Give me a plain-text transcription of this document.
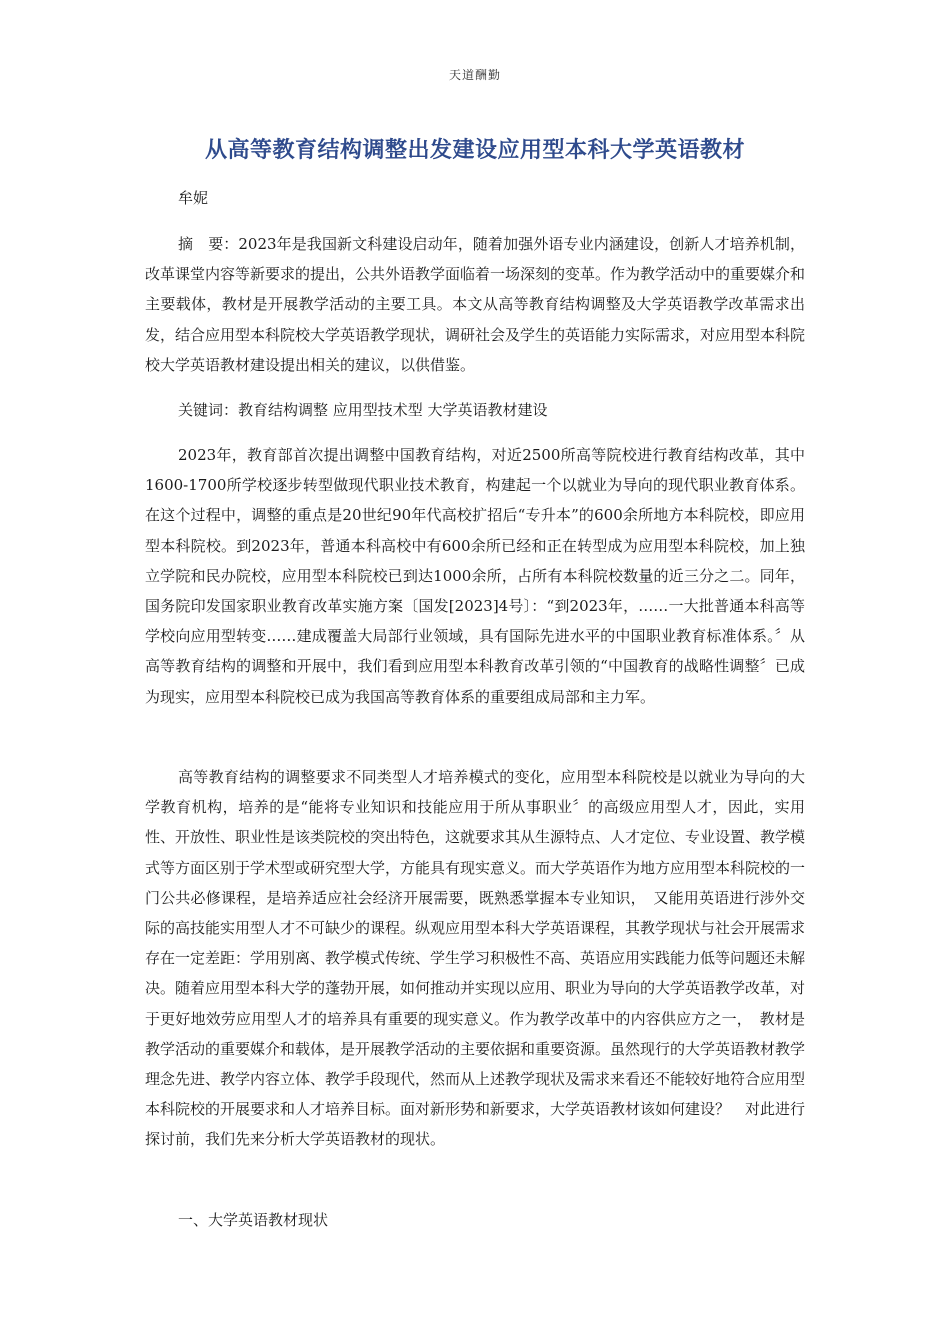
天道酬勤
从高等教育结构调整出发建设应用型本科大学英语教材
牟妮

摘　要：2023年是我国新文科建设启动年，随着加强外语专业内涵建设，创新人才培养机制，改革课堂内容等新要求的提出，公共外语教学面临着一场深刻的变革。作为教学活动中的重要媒介和主要载体，教材是开展教学活动的主要工具。本文从高等教育结构调整及大学英语教学改革需求出发，结合应用型本科院校大学英语教学现状，调研社会及学生的英语能力实际需求，对应用型本科院校大学英语教材建设提出相关的建议，以供借鉴。

关键词：教育结构调整 应用型技术型 大学英语教材建设

2023年，教育部首次提出调整中国教育结构，对近2500所高等院校进行教育结构改革，其中1600-1700所学校逐步转型做现代职业技术教育，构建起一个以就业为导向的现代职业教育体系。在这个过程中，调整的重点是20世纪90年代高校扩招后“专升本”的600余所地方本科院校，即应用型本科院校。到2023年，普通本科高校中有600余所已经和正在转型成为应用型本科院校，加上独立学院和民办院校，应用型本科院校已到达1000余所，占所有本科院校数量的近三分之二。同年，国务院印发国家职业教育改革实施方案〔国发[2023]4号〕：“到2023年，……一大批普通本科高等学校向应用型转变……建成覆盖大局部行业领域，具有国际先进水平的中国职业教育标准体系。〞从高等教育结构的调整和开展中，我们看到应用型本科教育改革引领的“中国教育的战略性调整〞已成为现实，应用型本科院校已成为我国高等教育体系的重要组成局部和主力军。

高等教育结构的调整要求不同类型人才培养模式的变化，应用型本科院校是以就业为导向的大学教育机构，培养的是“能将专业知识和技能应用于所从事职业〞的高级应用型人才，因此，实用性、开放性、职业性是该类院校的突出特色，这就要求其从生源特点、人才定位、专业设置、教学模式等方面区别于学术型或研究型大学，方能具有现实意义。而大学英语作为地方应用型本科院校的一门公共必修课程，是培养适应社会经济开展需要，既熟悉掌握本专业知识，　又能用英语进行涉外交际的高技能实用型人才不可缺少的课程。纵观应用型本科大学英语课程，其教学现状与社会开展需求存在一定差距：学用别离、教学模式传统、学生学习积极性不高、英语应用实践能力低等问题还未解决。随着应用型本科大学的蓬勃开展，如何推动并实现以应用、职业为导向的大学英语教学改革，对于更好地效劳应用型人才的培养具有重要的现实意义。作为教学改革中的内容供应方之一，　教材是教学活动的重要媒介和载体，是开展教学活动的主要依据和重要资源。虽然现行的大学英语教材教学理念先进、教学内容立体、教学手段现代，然而从上述教学现状及需求来看还不能较好地符合应用型本科院校的开展要求和人才培养目标。面对新形势和新要求，大学英语教材该如何建设？　对此进行探讨前，我们先来分析大学英语教材的现状。

一、大学英语教材现状
